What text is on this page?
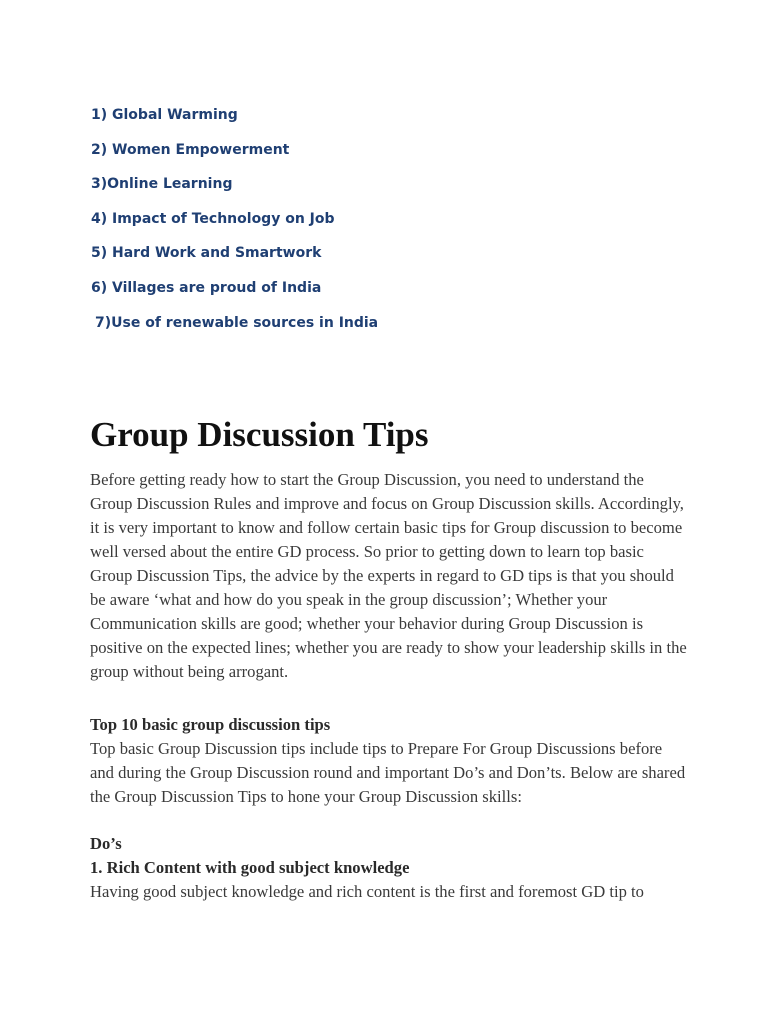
1) Global Warming
2) Women Empowerment
3)Online Learning
4) Impact of Technology on Job
5) Hard Work and Smartwork
6) Villages are proud of India
7)Use of renewable sources in India
Group Discussion Tips

Before getting ready how to start the Group Discussion, you need to understand the Group Discussion Rules and improve and focus on Group Discussion skills. Accordingly, it is very important to know and follow certain basic tips for Group discussion to become well versed about the entire GD process. So prior to getting down to learn top basic Group Discussion Tips, the advice by the experts in regard to GD tips is that you should be aware ‘what and how do you speak in the group discussion’; Whether your Communication skills are good; whether your behavior during Group Discussion is positive on the expected lines; whether you are ready to show your leadership skills in the group without being arrogant.

Top 10 basic group discussion tips

Top basic Group Discussion tips include tips to Prepare For Group Discussions before and during the Group Discussion round and important Do’s and Don’ts. Below are shared the Group Discussion Tips to hone your Group Discussion skills:

Do’s

1. Rich Content with good subject knowledge

Having good subject knowledge and rich content is the first and foremost GD tip to
